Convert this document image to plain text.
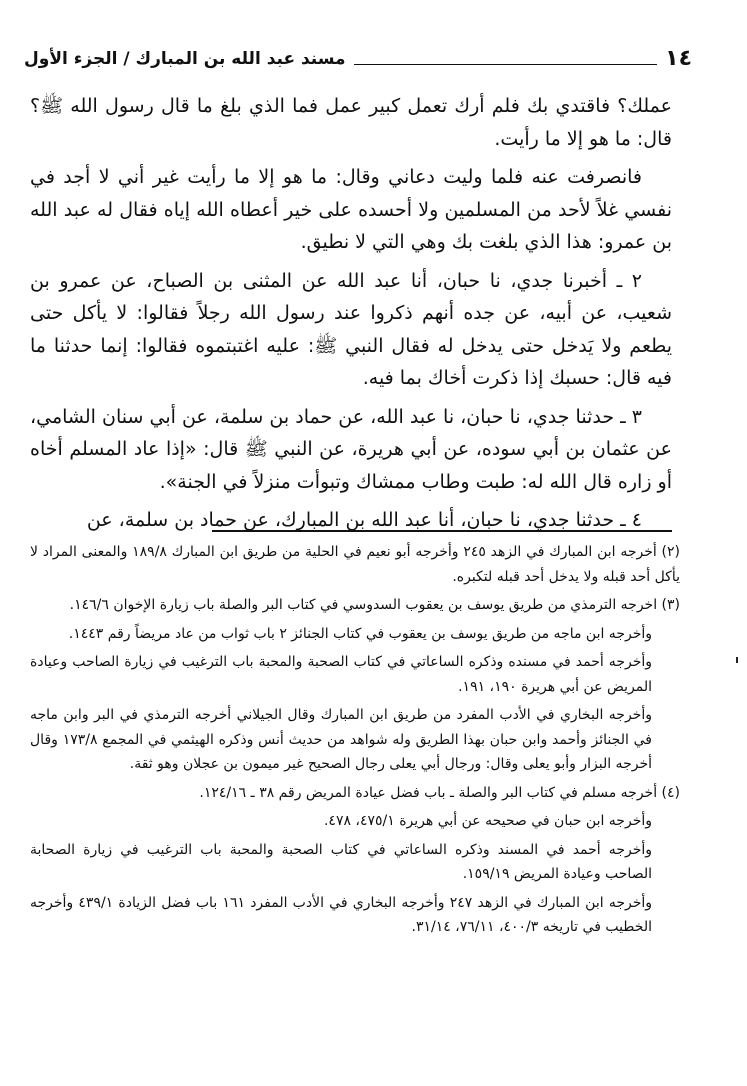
١٤
مسند عبد الله بن المبارك / الجزء الأول

عملك؟ فاقتدي بك فلم أرك تعمل كبير عمل فما الذي بلغ ما قال رسول الله ﷺ؟ قال: ما هو إلا ما رأيت.

فانصرفت عنه فلما وليت دعاني وقال: ما هو إلا ما رأيت غير أني لا أجد في نفسي غلاً لأحد من المسلمين ولا أحسده على خير أعطاه الله إياه فقال له عبد الله بن عمرو: هذا الذي بلغت بك وهي التي لا نطيق.

٢ ـ أخبرنا جدي، نا حبان، أنا عبد الله عن المثنى بن الصباح، عن عمرو بن شعيب، عن أبيه، عن جده أنهم ذكروا عند رسول الله رجلاً فقالوا: لا يأكل حتى يطعم ولا يَدخل حتى يدخل له فقال النبي ﷺ: عليه اغتبتموه فقالوا: إنما حدثنا ما فيه قال: حسبك إذا ذكرت أخاك بما فيه.

٣ ـ حدثنا جدي، نا حبان، نا عبد الله، عن حماد بن سلمة، عن أبي سنان الشامي، عن عثمان بن أبي سوده، عن أبي هريرة، عن النبي ﷺ قال: «إذا عاد المسلم أخاه أو زاره قال الله له: طبت وطاب ممشاك وتبوأت منزلاً في الجنة».

٤ ـ حدثنا جدي، نا حبان، أنا عبد الله بن المبارك، عن حماد بن سلمة، عن

(٢) أخرجه ابن المبارك في الزهد ٢٤٥ وأخرجه أبو نعيم في الحلية من طريق ابن المبارك ١٨٩/٨ والمعنى المراد لا يأكل أحد قبله ولا يدخل أحد قبله لتكبره.

(٣) اخرجه الترمذي من طريق يوسف بن يعقوب السدوسي في كتاب البر والصلة باب زيارة الإخوان ١٤٦/٦.

وأخرجه ابن ماجه من طريق يوسف بن يعقوب في كتاب الجنائز ٢ باب ثواب من عاد مريضاً رقم ١٤٤٣.

وأخرجه أحمد في مسنده وذكره الساعاتي في كتاب الصحبة والمحبة باب الترغيب في زيارة الصاحب وعيادة المريض عن أبي هريرة ١٩٠، ١٩١.

وأخرجه البخاري في الأدب المفرد من طريق ابن المبارك وقال الجيلاني أخرجه الترمذي في البر وابن ماجه في الجنائز وأحمد وابن حبان بهذا الطريق وله شواهد من حديث أنس وذكره الهيثمي في المجمع ١٧٣/٨ وقال أخرجه البزار وأبو يعلى وقال: ورجال أبي يعلى رجال الصحيح غير ميمون بن عجلان وهو ثقة.

(٤) أخرجه مسلم في كتاب البر والصلة ـ باب فضل عيادة المريض رقم ٣٨ ـ ١٢٤/١٦.

وأخرجه ابن حبان في صحيحه عن أبي هريرة ٤٧٥/١، ٤٧٨.

وأخرجه أحمد في المسند وذكره الساعاتي في كتاب الصحبة والمحبة باب الترغيب في زيارة الصحابة الصاحب وعيادة المريض ١٥٩/١٩.

وأخرجه ابن المبارك في الزهد ٢٤٧ وأخرجه البخاري في الأدب المفرد ١٦١ باب فضل الزيادة ٤٣٩/١ وأخرجه الخطيب في تاريخه ٤٠٠/٣، ٧٦/١١، ٣١/١٤.
